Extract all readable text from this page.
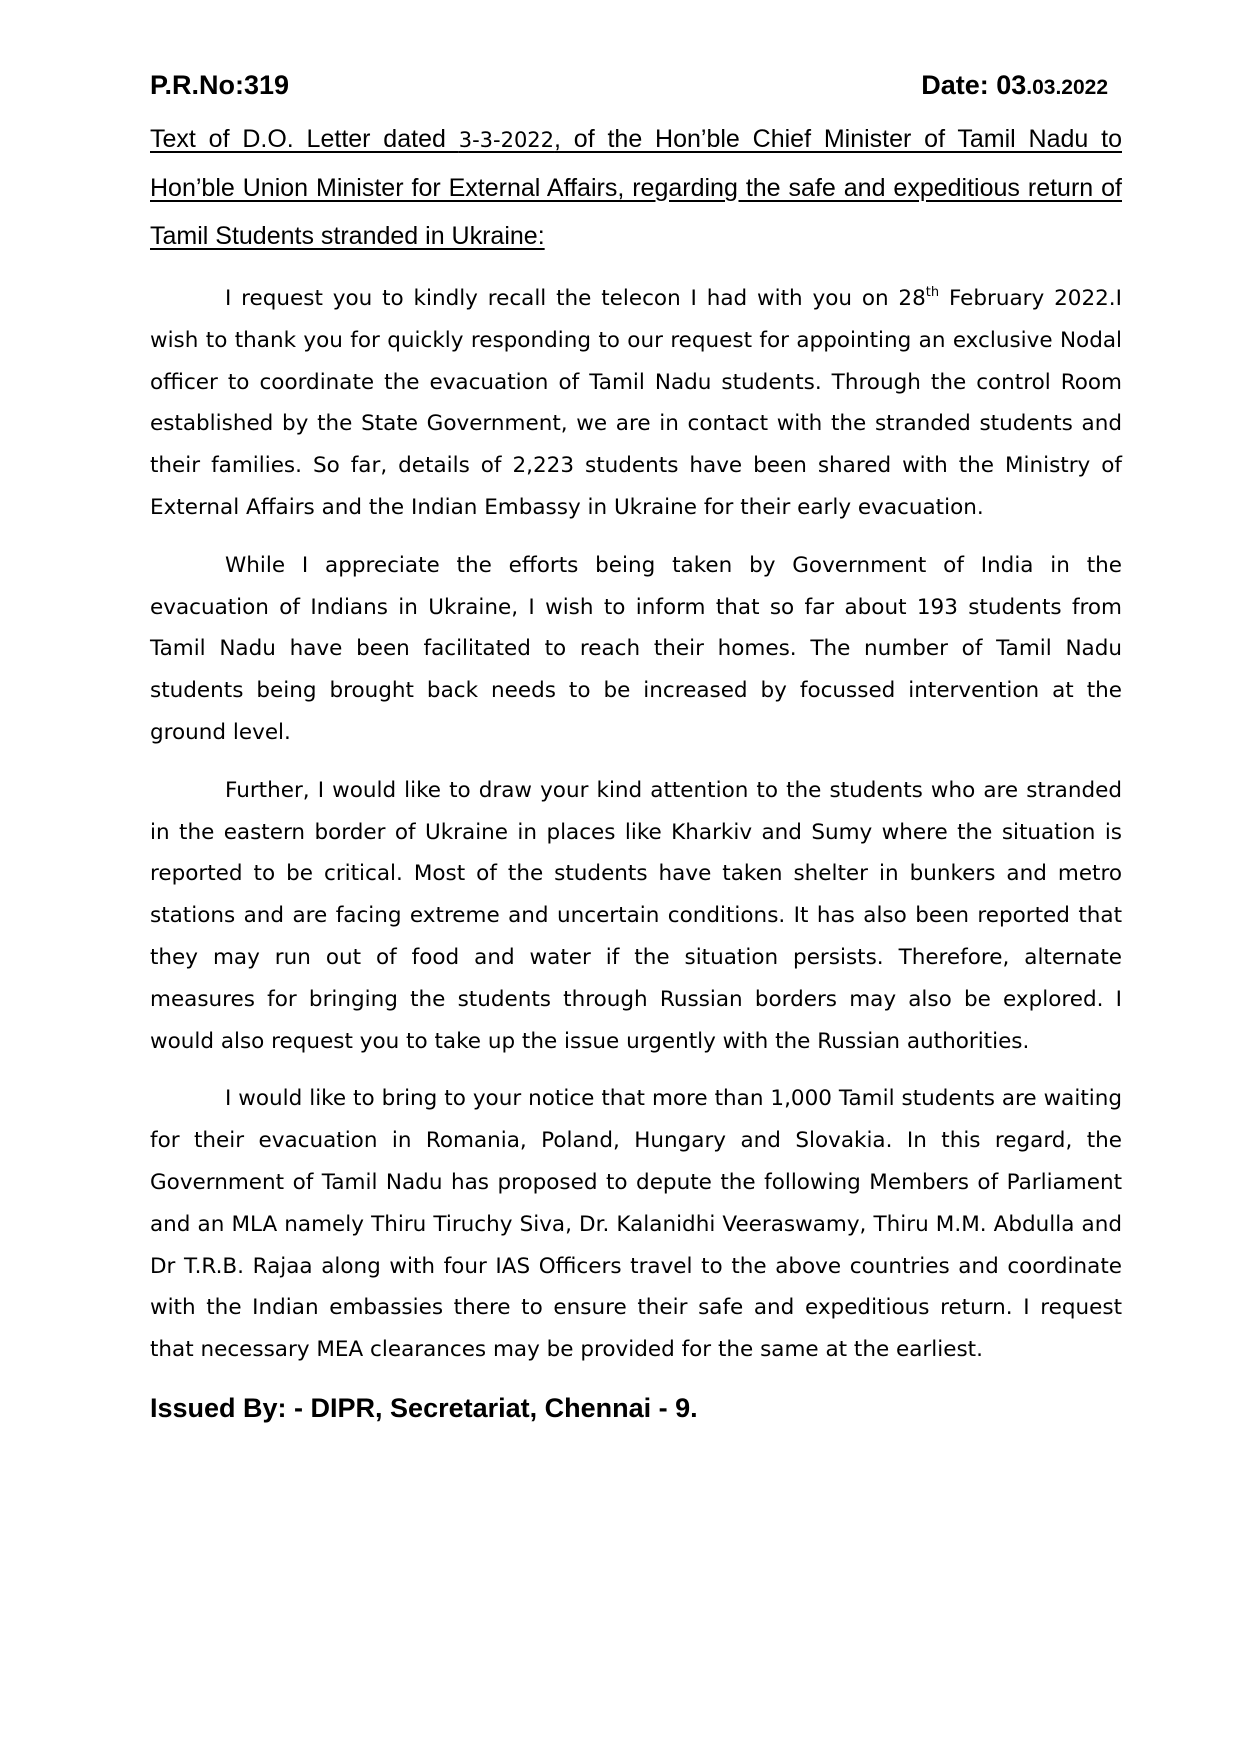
P.R.No:319	Date: 03.03.2022

Text of D.O. Letter dated 3-3-2022, of the Hon’ble Chief Minister of Tamil Nadu to Hon’ble Union Minister for External Affairs, regarding the safe and expeditious return of Tamil Students stranded in Ukraine:

I request you to kindly recall the telecon I had with you on 28th February 2022.I wish to thank you for quickly responding to our request for appointing an exclusive Nodal officer to coordinate the evacuation of Tamil Nadu students. Through the control Room established by the State Government, we are in contact with the stranded students and their families. So far, details of 2,223 students have been shared with the Ministry of External Affairs and the Indian Embassy in Ukraine for their early evacuation.

While I appreciate the efforts being taken by Government of India in the evacuation of Indians in Ukraine, I wish to inform that so far about 193 students from Tamil Nadu have been facilitated to reach their homes. The number of Tamil Nadu students being brought back needs to be increased by focussed intervention at the ground level.

Further, I would like to draw your kind attention to the students who are stranded in the eastern border of Ukraine in places like Kharkiv and Sumy where the situation is reported to be critical. Most of the students have taken shelter in bunkers and metro stations and are facing extreme and uncertain conditions. It has also been reported that they may run out of food and water if the situation persists. Therefore, alternate measures for bringing the students through Russian borders may also be explored. I would also request you to take up the issue urgently with the Russian authorities.

I would like to bring to your notice that more than 1,000 Tamil students are waiting for their evacuation in Romania, Poland, Hungary and Slovakia. In this regard, the Government of Tamil Nadu has proposed to depute the following Members of Parliament and an MLA namely Thiru Tiruchy Siva, Dr. Kalanidhi Veeraswamy, Thiru M.M. Abdulla and Dr T.R.B. Rajaa along with four IAS Officers travel to the above countries and coordinate with the Indian embassies there to ensure their safe and expeditious return. I request that necessary MEA clearances may be provided for the same at the earliest.

Issued By: - DIPR, Secretariat, Chennai - 9.
